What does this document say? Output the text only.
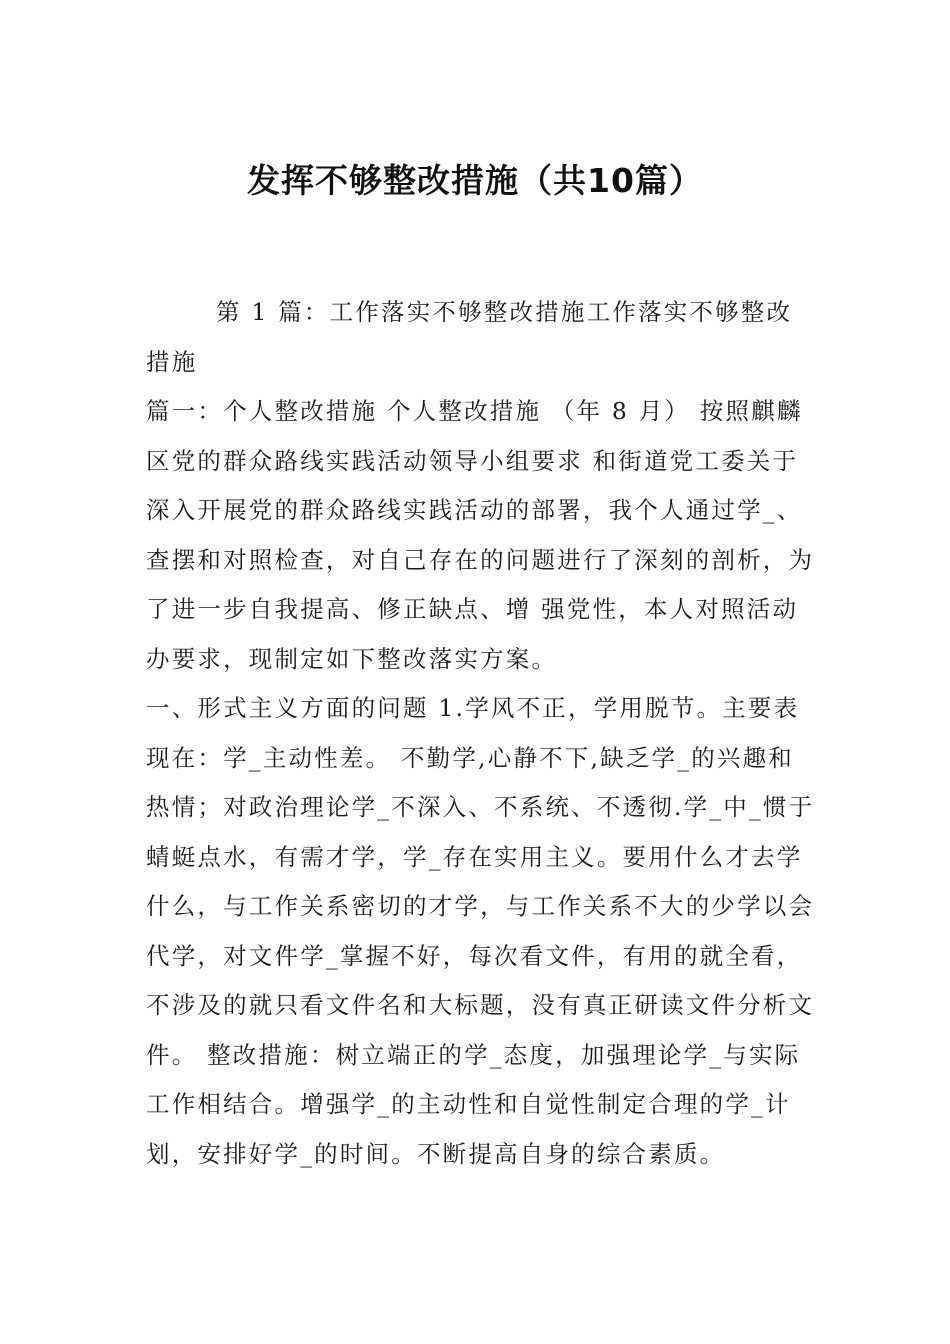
发挥不够整改措施（共10篇）

第 1 篇：工作落实不够整改措施工作落实不够整改措施

篇一：个人整改措施 个人整改措施 （年 8 月） 按照麒麟区党的群众路线实践活动领导小组要求 和街道党工委关于深入开展党的群众路线实践活动的部署，我个人通过学_、查摆和对照检查，对自己存在的问题进行了深刻的剖析，为了进一步自我提高、修正缺点、增 强党性，本人对照活动办要求，现制定如下整改落实方案。

一、形式主义方面的问题 1.学风不正，学用脱节。主要表现在：学_主动性差。 不勤学,心静不下,缺乏学_的兴趣和热情；对政治理论学_不深入、不系统、不透彻.学_中_惯于蜻蜓点水，有需才学，学_存在实用主义。要用什么才去学什么，与工作关系密切的才学，与工作关系不大的少学以会代学，对文件学_掌握不好，每次看文件，有用的就全看，不涉及的就只看文件名和大标题，没有真正研读文件分析文件。 整改措施：树立端正的学_态度，加强理论学_与实际 工作相结合。增强学_的主动性和自觉性制定合理的学_计划，安排好学_的时间。不断提高自身的综合素质。
